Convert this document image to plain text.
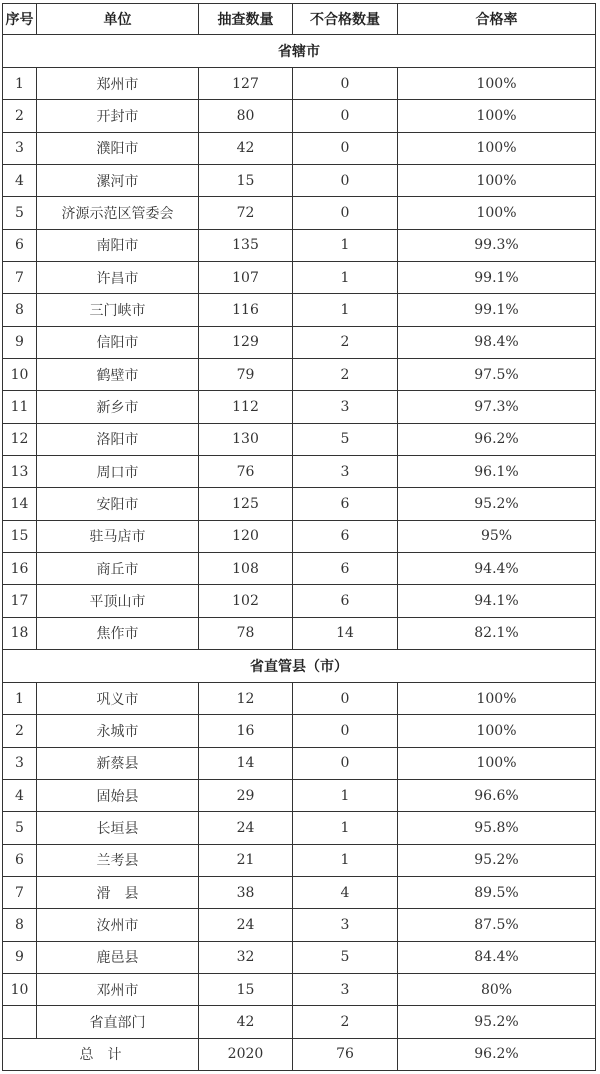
序号	单位	抽查数量	不合格数量	合格率
省辖市				
1	郑州市	127	0	100%
2	开封市	80	0	100%
3	濮阳市	42	0	100%
4	漯河市	15	0	100%
5	济源示范区管委会	72	0	100%
6	南阳市	135	1	99.3%
7	许昌市	107	1	99.1%
8	三门峡市	116	1	99.1%
9	信阳市	129	2	98.4%
10	鹤壁市	79	2	97.5%
11	新乡市	112	3	97.3%
12	洛阳市	130	5	96.2%
13	周口市	76	3	96.1%
14	安阳市	125	6	95.2%
15	驻马店市	120	6	95%
16	商丘市	108	6	94.4%
17	平顶山市	102	6	94.1%
18	焦作市	78	14	82.1%
省直管县（市）				
1	巩义市	12	0	100%
2	永城市	16	0	100%
3	新蔡县	14	0	100%
4	固始县	29	1	96.6%
5	长垣县	24	1	95.8%
6	兰考县	21	1	95.2%
7	滑　县	38	4	89.5%
8	汝州市	24	3	87.5%
9	鹿邑县	32	5	84.4%
10	邓州市	15	3	80%
	省直部门	42	2	95.2%
总　计		2020	76	96.2%
